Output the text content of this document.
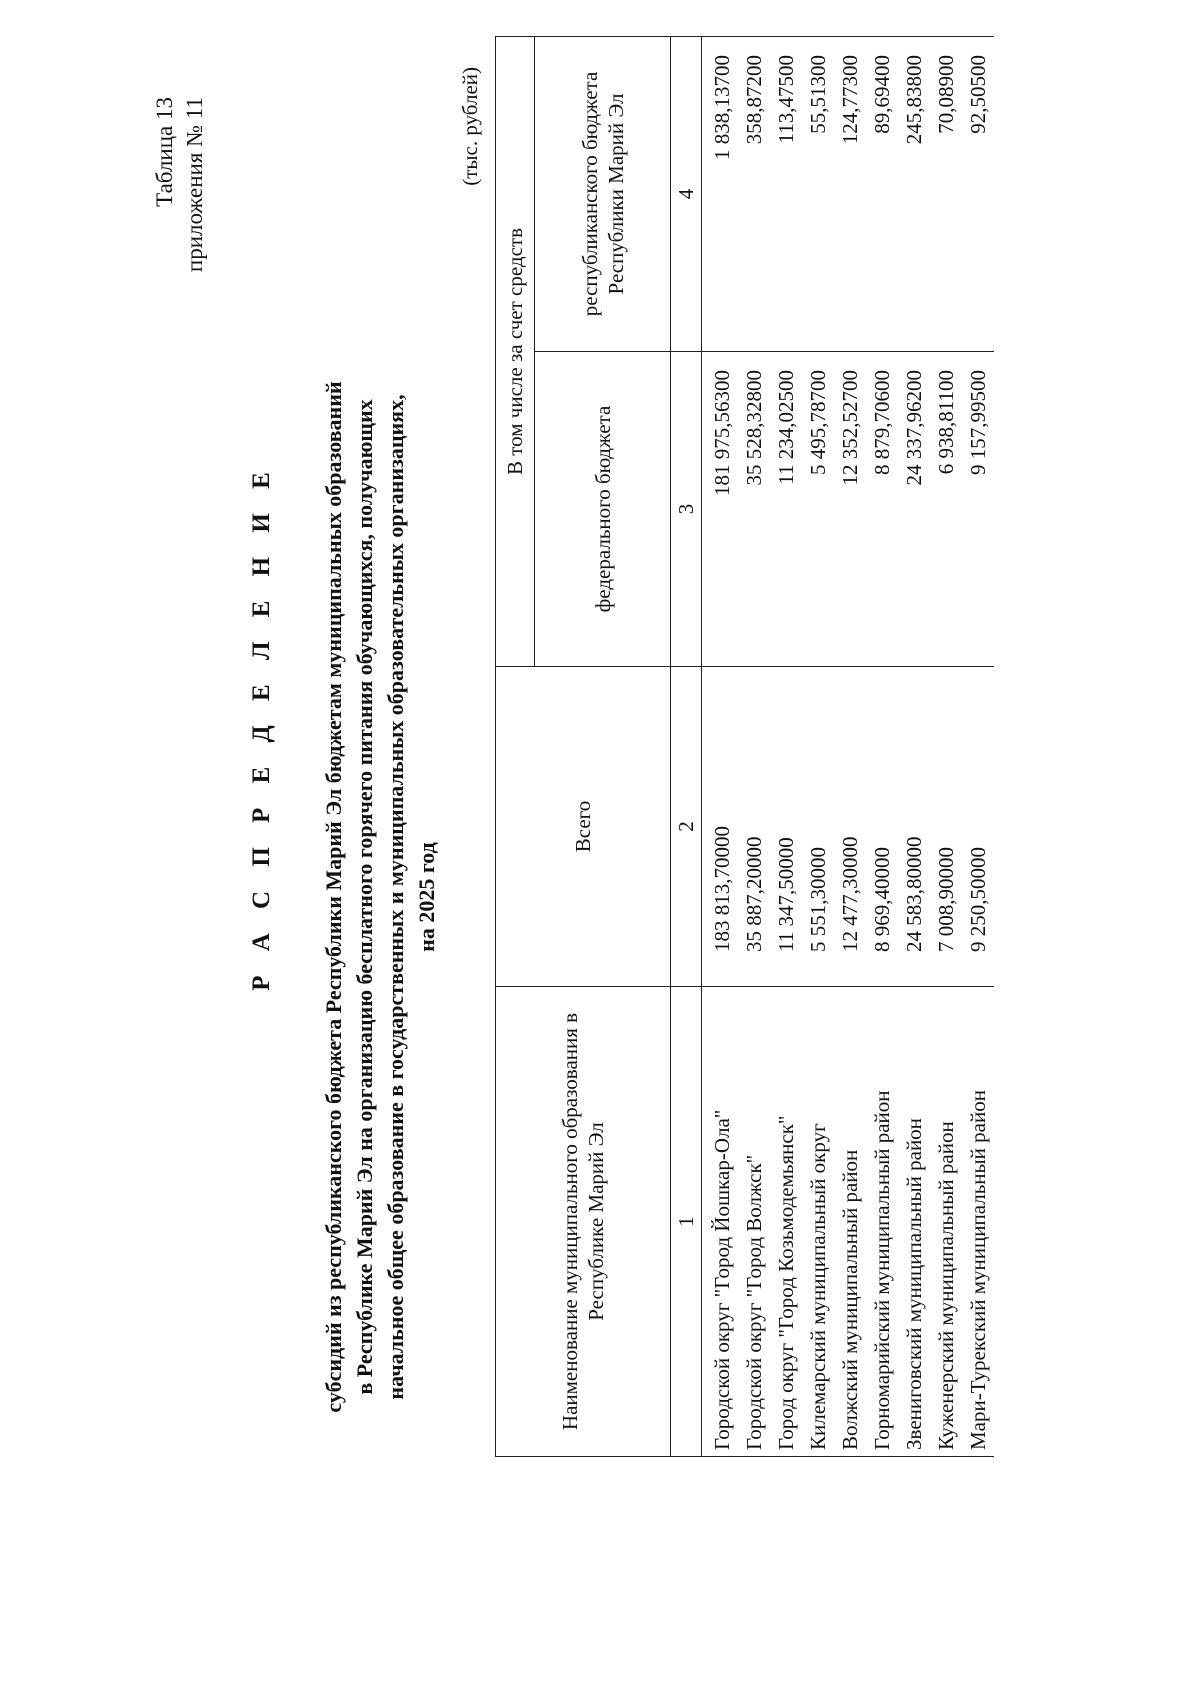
Таблица 13 приложения № 11
Р А С П Р Е Д Е Л Е Н И Е субсидий из республиканского бюджета Республики Марий Эл бюджетам муниципальных образований в Республике Марий Эл на организацию бесплатного горячего питания обучающихся, получающих начальное общее образование в государственных и муниципальных образовательных организациях, на 2025 год
(тыс. рублей)
Наименование муниципального образования в Республике Марий Эл	Всего	В том числе за счет средств	
		федерального бюджета	республиканского бюджета Республики Марий Эл
1	2	3	4
Городской округ "Город Йошкар-Ола"	183 813,70000	181 975,56300	1 838,13700
Городской округ "Город Волжск"	35 887,20000	35 528,32800	358,87200
Город округ "Город Козьмодемьянск"	11 347,50000	11 234,02500	113,47500
Килемарский муниципальный округ	5 551,30000	5 495,78700	55,51300
Волжский муниципальный район	12 477,30000	12 352,52700	124,77300
Горномарийский муниципальный район	8 969,40000	8 879,70600	89,69400
Звениговский муниципальный район	24 583,80000	24 337,96200	245,83800
Куженерский муниципальный район	7 008,90000	6 938,81100	70,08900
Мари-Турекский муниципальный район	9 250,50000	9 157,99500	92,50500
